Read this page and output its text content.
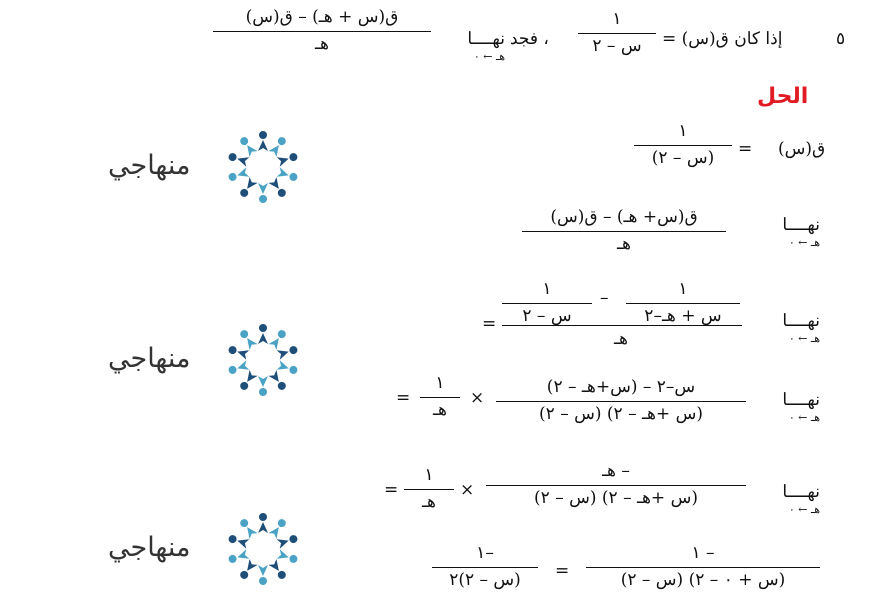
٥
إذا كان ق(س) =
١
س – ٢
، فجد
نهــــا
هـ ← ٠
ق(س + هـ) – ق(س)
هـ
الحل
ق(س)
=
١
(س – ٢)
نهــــا
هـ ← ٠
ق(س+ هـ) – ق(س)
هـ
نهــــا
هـ ← ٠
١
س + هـ–٢
–
١
س – ٢
هـ
=
نهــــا
هـ ← ٠
س–٢ – (س+هـ – ٢)
(س +هـ – ٢) (س – ٢)
×
١
هـ
=
نهــــا
هـ ← ٠
– هـ
(س +هـ – ٢) (س – ٢)
×
١
هـ
=
– ١
(س + ٠ – ٢) (س – ٢)
=
–١
(س – ٢)٢
منهاجي
منهاجي
منهاجي
